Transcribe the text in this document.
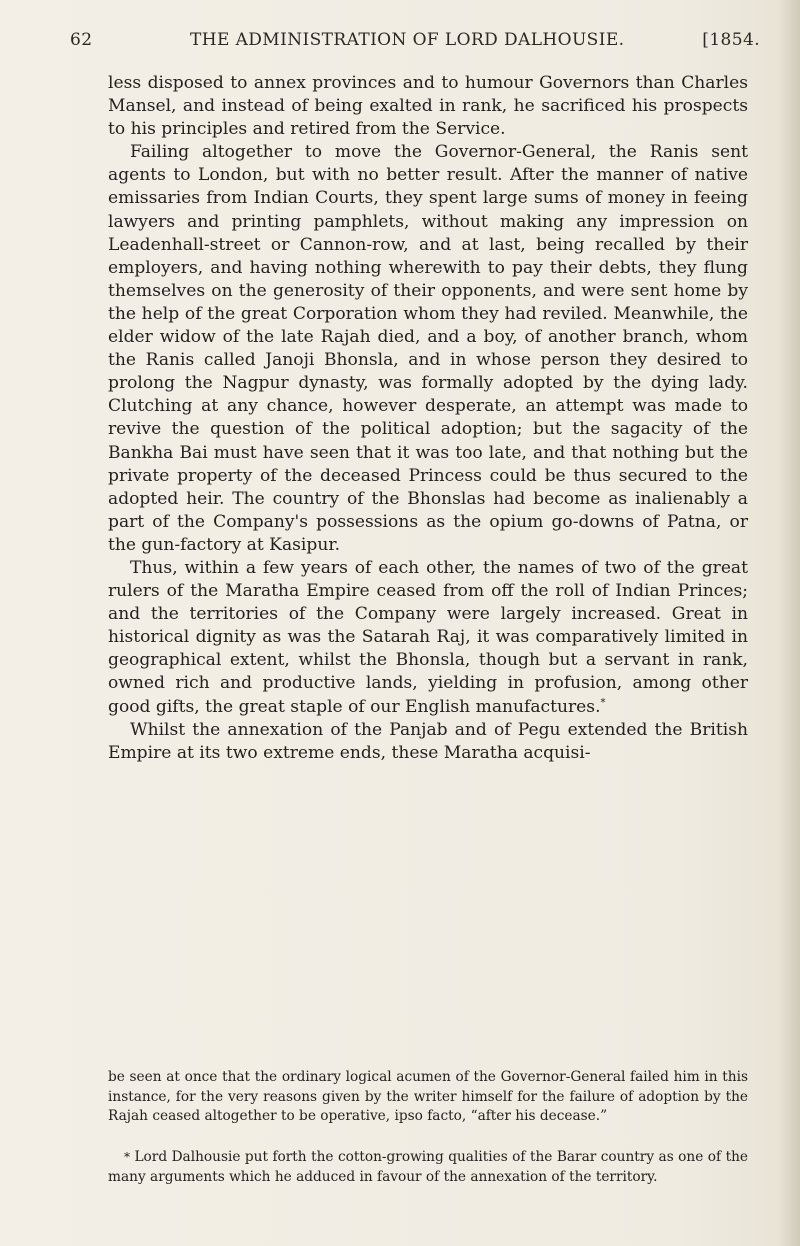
62	THE ADMINISTRATION OF LORD DALHOUSIE.	[1854.

less disposed to annex provinces and to humour Governors than Charles Mansel, and instead of being exalted in rank, he sacrificed his prospects to his principles and retired from the Service.

Failing altogether to move the Governor-General, the Ranis sent agents to London, but with no better result. After the manner of native emissaries from Indian Courts, they spent large sums of money in feeing lawyers and printing pamphlets, without making any impression on Leadenhall-street or Cannon-row, and at last, being recalled by their employers, and having nothing wherewith to pay their debts, they flung themselves on the generosity of their opponents, and were sent home by the help of the great Corporation whom they had reviled. Meanwhile, the elder widow of the late Rajah died, and a boy, of another branch, whom the Ranis called Janoji Bhonsla, and in whose person they desired to prolong the Nagpur dynasty, was formally adopted by the dying lady. Clutching at any chance, however desperate, an attempt was made to revive the question of the political adoption; but the sagacity of the Bankha Bai must have seen that it was too late, and that nothing but the private property of the deceased Princess could be thus secured to the adopted heir. The country of the Bhonslas had become as inalienably a part of the Company's possessions as the opium go-downs of Patna, or the gun-factory at Kasipur.

Thus, within a few years of each other, the names of two of the great rulers of the Maratha Empire ceased from off the roll of Indian Princes; and the territories of the Company were largely increased. Great in historical dignity as was the Satarah Raj, it was comparatively limited in geographical extent, whilst the Bhonsla, though but a servant in rank, owned rich and productive lands, yielding in profusion, among other good gifts, the great staple of our English manufactures.*

Whilst the annexation of the Panjab and of Pegu extended the British Empire at its two extreme ends, these Maratha acquisi-

be seen at once that the ordinary logical acumen of the Governor-General failed him in this instance, for the very reasons given by the writer himself for the failure of adoption by the Rajah ceased altogether to be operative, ipso facto, “after his decease.”

* Lord Dalhousie put forth the cotton-growing qualities of the Barar country as one of the many arguments which he adduced in favour of the annexation of the territory.
